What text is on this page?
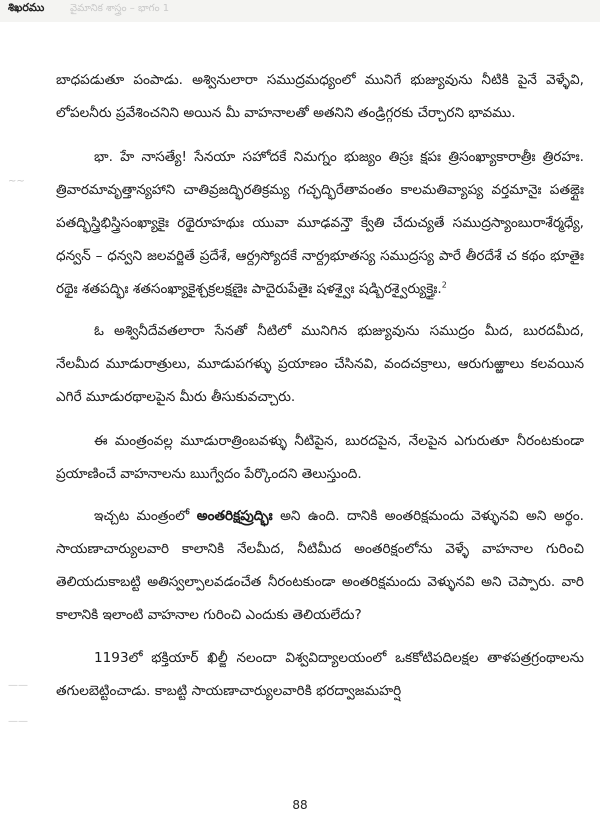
శిఖరము	వైమానిక శాస్త్రం – భాగం 1
~~
——
——

బాధపడుతూ పంపాడు. అశ్వినులారా సముద్రమధ్యంలో మునిగే భుజ్యువును నీటికి పైనే వెళ్ళేవి, లోపలనీరు ప్రవేశించనిని అయిన మీ వాహనాలతో అతనిని తండ్రిగ్గరకు చేర్చారని భావము.

భా. హే నాసత్యే! సేనయా సహోదకే నిమగ్నం భుజ్యం తిస్రః క్షపః త్రిసంఖ్యాకారాత్రీః త్రిరహః. త్రివారమావృత్తాన్యహాని చాతివ్రజద్భిరతిక్రమ్య గచ్ఛద్భిరేతావంతం కాలమతివ్యాప్య వర్తమానైః పతఙ్గైః పతద్భిస్త్రిభిస్త్రిసంఖ్యాకైః రథైరూహథుః యువా మూఢవన్తౌ క్వేతి చేదుచ్యతే సముద్రస్యాంబురాశేర్మధ్యే, ధన్వన్ – ధన్వని జలవర్జితే ప్రదేశే, ఆర్ద్రస్యోదకే నార్ద్రభూతస్య సముద్రస్య పారే తీరదేశే చ కథం భూతైః రథైః శతపద్భిః శతసంఖ్యాకైశ్చక్రలక్షణైః పాదైరుపేతైః షళశ్వైః షడ్బిరశ్వైర్యుక్తైః.$^2$

ఓ అశ్వినీదేవతలారా సేనతో నీటిలో మునిగిన భుజ్యువును సముద్రం మీద, బురదమీద, నేలమీద మూడురాత్రులు, మూడుపగళ్ళు ప్రయాణం చేసినవి, వందచక్రాలు, ఆరుగుఱ్ఱాలు కలవయిన ఎగిరే మూడురథాలపైన మీరు తీసుకువచ్చారు.

ఈ మంత్రంవల్ల మూడురాత్రింబవళ్ళు నీటిపైన, బురదపైన, నేలపైన ఎగురుతూ నీరంటకుండా ప్రయాణించే వాహనాలను ఋగ్వేదం పేర్కొందని తెలుస్తుంది.

ఇచ్చట మంత్రంలో అంతరిక్షప్రుద్భిః అని ఉంది. దానికి అంతరిక్షమందు వెళ్ళునవి అని అర్థం. సాయణాచార్యులవారి కాలానికి నేలమీద, నీటిమీద అంతరిక్షంలోను వెళ్ళే వాహనాల గురించి తెలియదుకాబట్టి అతిస్వల్పాలవడంచేత నీరంటకుండా అంతరిక్షమందు వెళ్ళునవి అని చెప్పారు. వారి కాలానికి ఇలాంటి వాహనాల గురించి ఎందుకు తెలియలేదు?

1193లో భక్తియార్ ఖిల్జీ నలందా విశ్వవిద్యాలయంలో ఒకకోటిపదిలక్షల తాళపత్రగ్రంథాలను తగులబెట్టించాడు. కాబట్టి సాయణాచార్యులవారికి భరద్వాజమహర్షి

88
